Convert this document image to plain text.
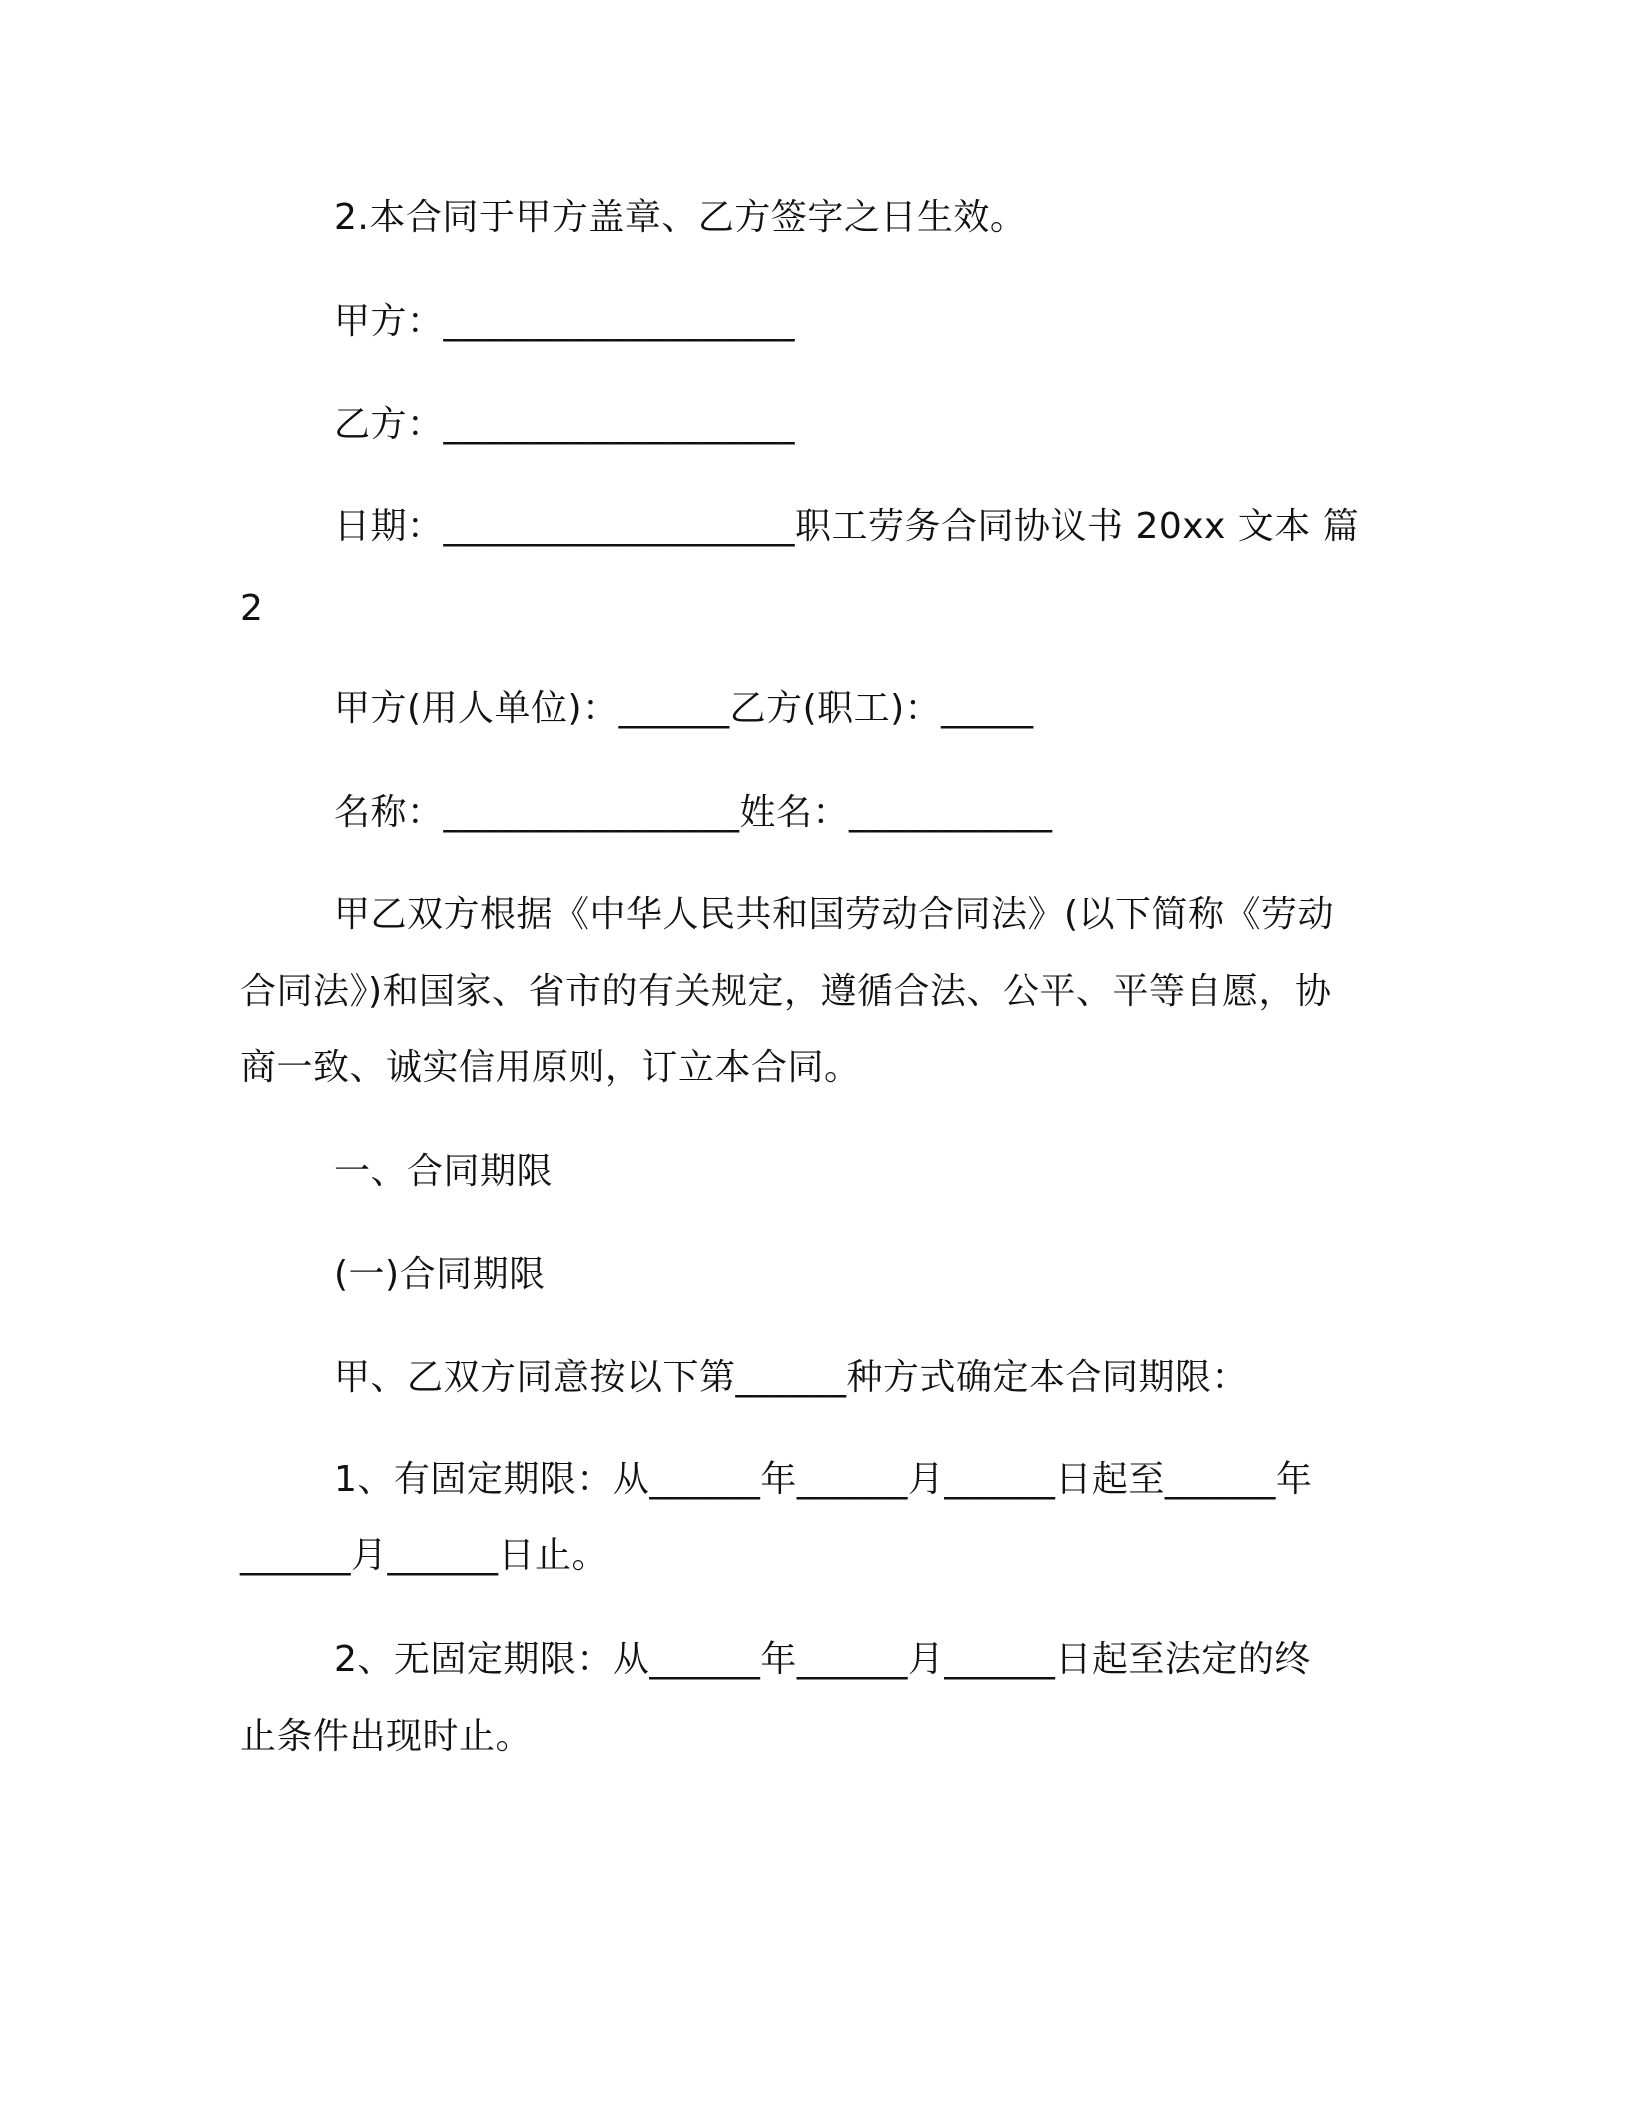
2.本合同于甲方盖章、乙方签字之日生效。
甲方：___________________
乙方：___________________
日期：___________________职工劳务合同协议书 20xx 文本 篇
2
甲方(用人单位)：______乙方(职工)：_____
名称：________________姓名：___________
甲乙双方根据《中华人民共和国劳动合同法》(以下简称《劳动
合同法》)和国家、省市的有关规定，遵循合法、公平、平等自愿，协
商一致、诚实信用原则，订立本合同。
一、合同期限
(一)合同期限
甲、乙双方同意按以下第______种方式确定本合同期限：
1、有固定期限：从______年______月______日起至______年
______月______日止。
2、无固定期限：从______年______月______日起至法定的终
止条件出现时止。
